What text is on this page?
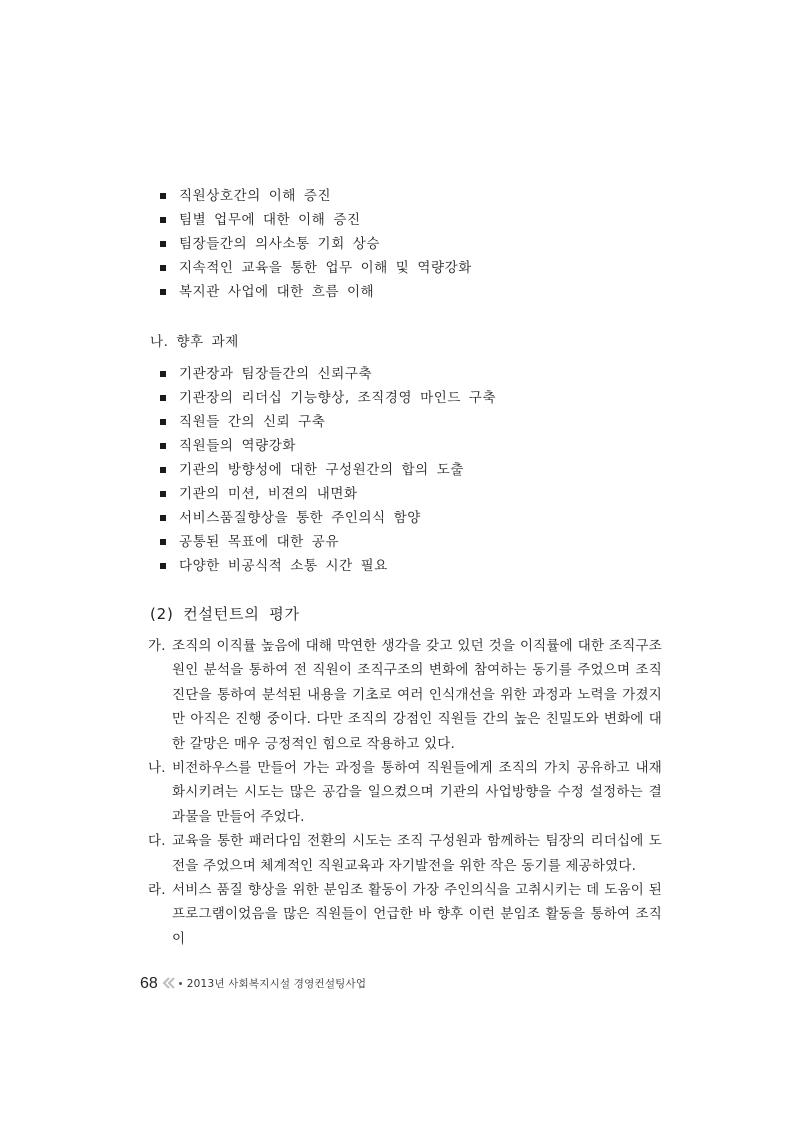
직원상호간의 이해 증진
팀별 업무에 대한 이해 증진
팀장들간의 의사소통 기회 상승
지속적인 교육을 통한 업무 이해 및 역량강화
복지관 사업에 대한 흐름 이해
나. 향후 과제
기관장과 팀장들간의 신뢰구축
기관장의 리더십 기능향상, 조직경영 마인드 구축
직원들 간의 신뢰 구축
직원들의 역량강화
기관의 방향성에 대한 구성원간의 합의 도출
기관의 미션, 비젼의 내면화
서비스품질향상을 통한 주인의식 함양
공통된 목표에 대한 공유
다양한 비공식적 소통 시간 필요
(2) 컨설턴트의 평가
가. 조직의 이직률 높음에 대해 막연한 생각을 갖고 있던 것을 이직률에 대한 조직구조원인 분석을 통하여 전 직원이 조직구조의 변화에 참여하는 동기를 주었으며 조직진단을 통하여 분석된 내용을 기초로 여러 인식개선을 위한 과정과 노력을 가졌지만 아직은 진행 중이다. 다만 조직의 강점인 직원들 간의 높은 친밀도와 변화에 대한 갈망은 매우 긍정적인 힘으로 작용하고 있다.
나. 비전하우스를 만들어 가는 과정을 통하여 직원들에게 조직의 가치 공유하고 내재화시키려는 시도는 많은 공감을 일으켰으며 기관의 사업방향을 수정 설정하는 결과물을 만들어 주었다.
다. 교육을 통한 패러다임 전환의 시도는 조직 구성원과 함께하는 팀장의 리더십에 도전을 주었으며 체계적인 직원교육과 자기발전을 위한 작은 동기를 제공하였다.
라. 서비스 품질 향상을 위한 분임조 활동이 가장 주인의식을 고취시키는 데 도움이 된 프로그램이었음을 많은 직원들이 언급한 바 향후 이런 분임조 활동을 통하여 조직이
68	2013년 사회복지시설 경영컨설팅사업
